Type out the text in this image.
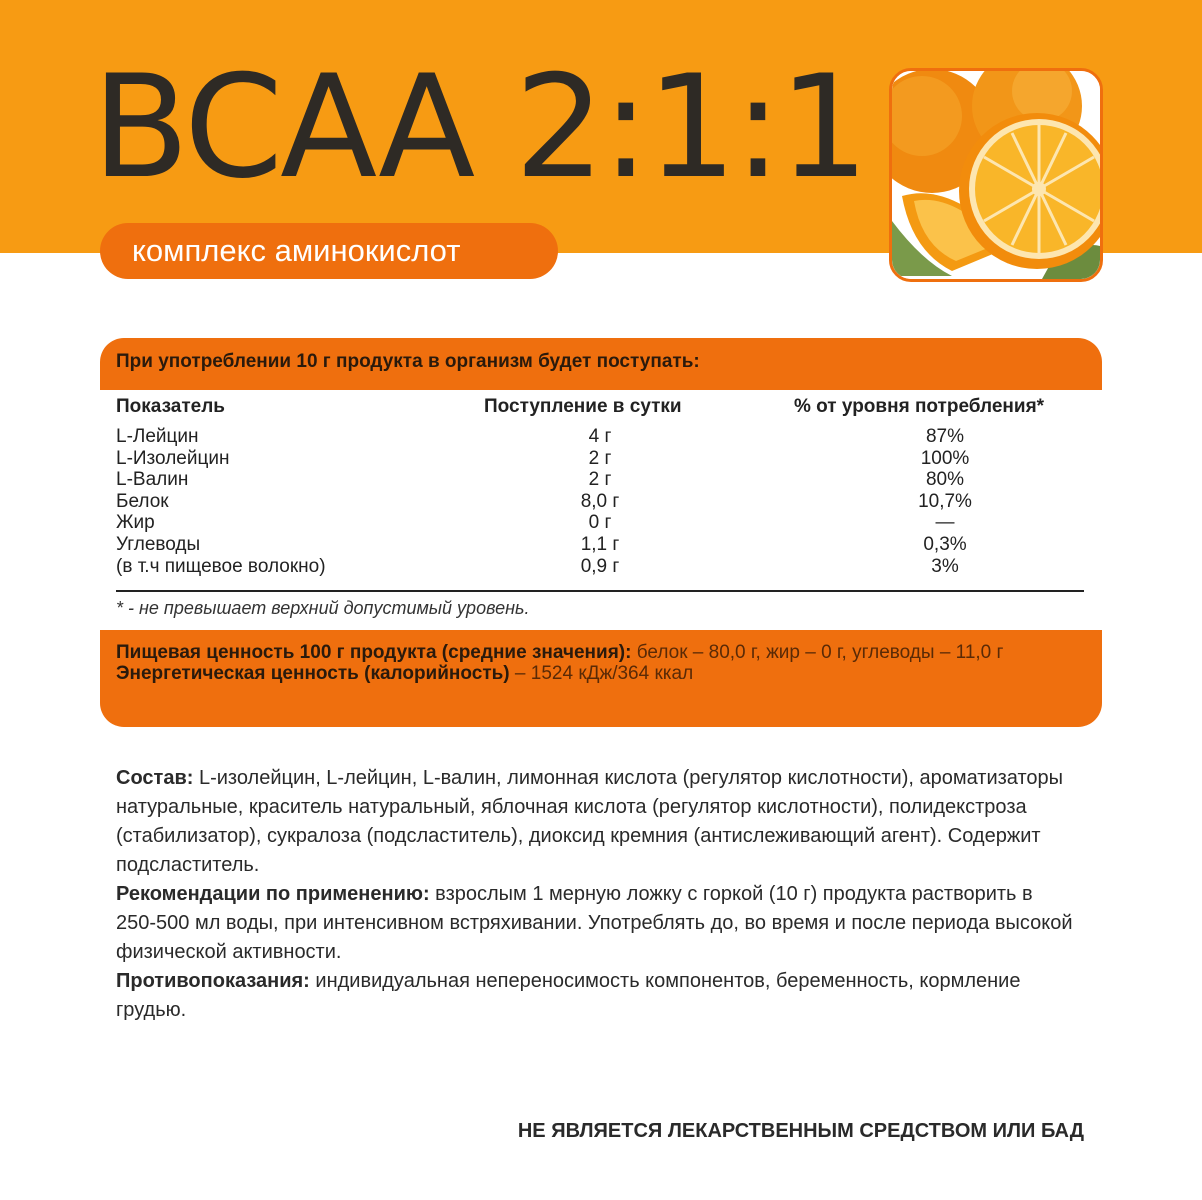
BCAA 2:1:1
комплекс аминокислот
При употреблении 10 г продукта в организм будет поступать:
Показатель	Поступление в сутки	% от уровня потребления*
L-Лейцин	4 г	87%
L-Изолейцин	2 г	100%
L-Валин	2 г	80%
Белок	8,0 г	10,7%
Жир	0 г	—
Углеводы	1,1 г	0,3%
(в т.ч пищевое волокно)	0,9 г	3%
* - не превышает верхний допустимый уровень.
Пищевая ценность 100 г продукта (средние значения): белок – 80,0 г, жир – 0 г, углеводы – 11,0 г
Энергетическая ценность (калорийность) – 1524 кДж/364 ккал

Состав: L-изолейцин, L-лейцин, L-валин, лимонная кислота (регулятор кислотности), ароматизаторы натуральные, краситель натуральный, яблочная кислота (регулятор кислотности), полидекстроза (стабилизатор), сукралоза (подсластитель), диоксид кремния (антислеживающий агент). Содержит подсластитель.

Рекомендации по применению: взрослым 1 мерную ложку с горкой (10 г) продукта растворить в 250-500 мл воды, при интенсивном встряхивании. Употреблять до, во время и после периода высокой физической активности.

Противопоказания: индивидуальная непереносимость компонентов, беременность, кормление грудью.

НЕ ЯВЛЯЕТСЯ ЛЕКАРСТВЕННЫМ СРЕДСТВОМ ИЛИ БАД
